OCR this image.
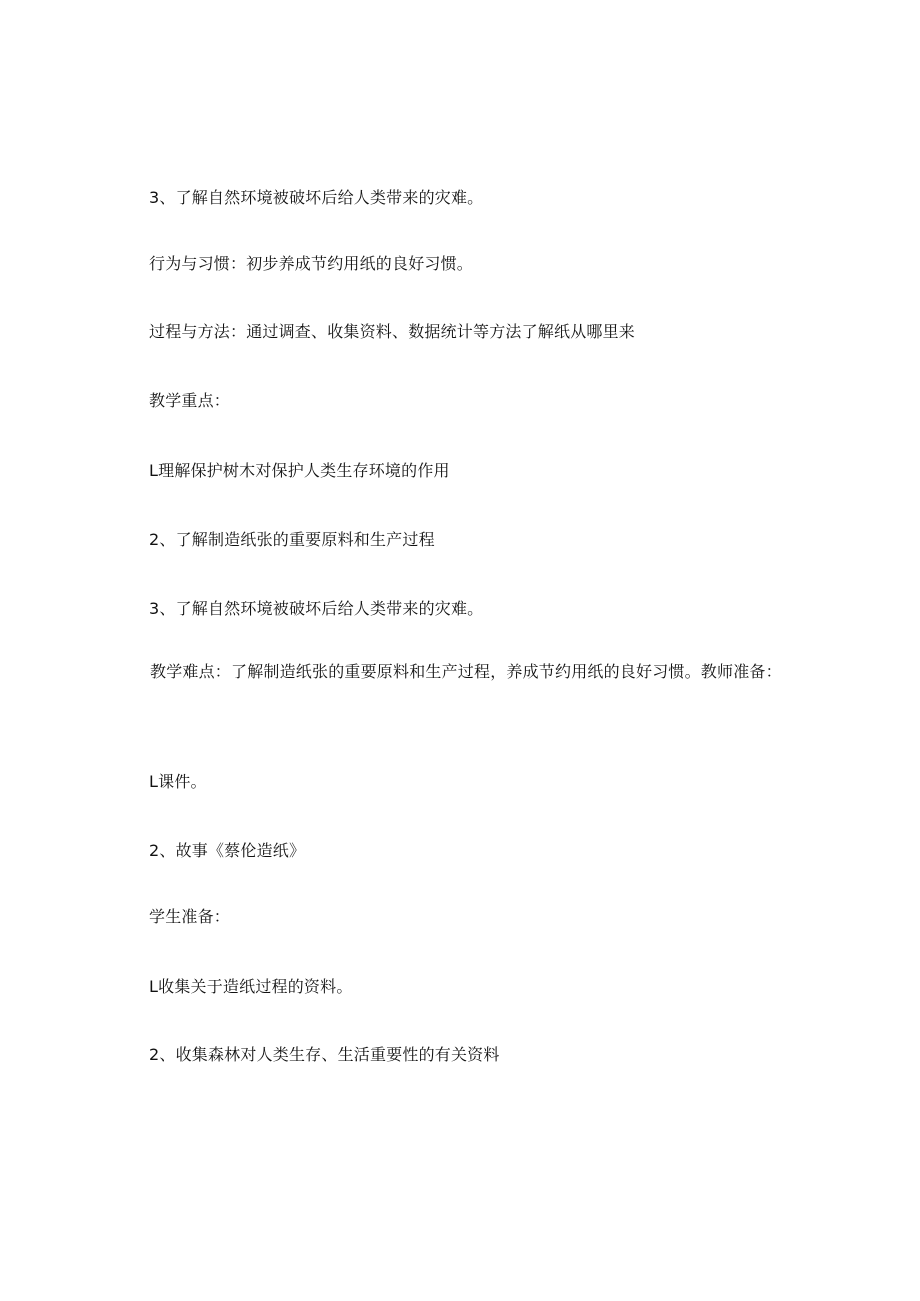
3、了解自然环境被破坏后给人类带来的灾难。
行为与习惯：初步养成节约用纸的良好习惯。
过程与方法：通过调查、收集资料、数据统计等方法了解纸从哪里来
教学重点：
L理解保护树木对保护人类生存环境的作用
2、了解制造纸张的重要原料和生产过程
3、了解自然环境被破坏后给人类带来的灾难。
教学难点：了解制造纸张的重要原料和生产过程，养成节约用纸的良好习惯。教师准备：
L课件。
2、故事《蔡伦造纸》
学生准备：
L收集关于造纸过程的资料。
2、收集森林对人类生存、生活重要性的有关资料
